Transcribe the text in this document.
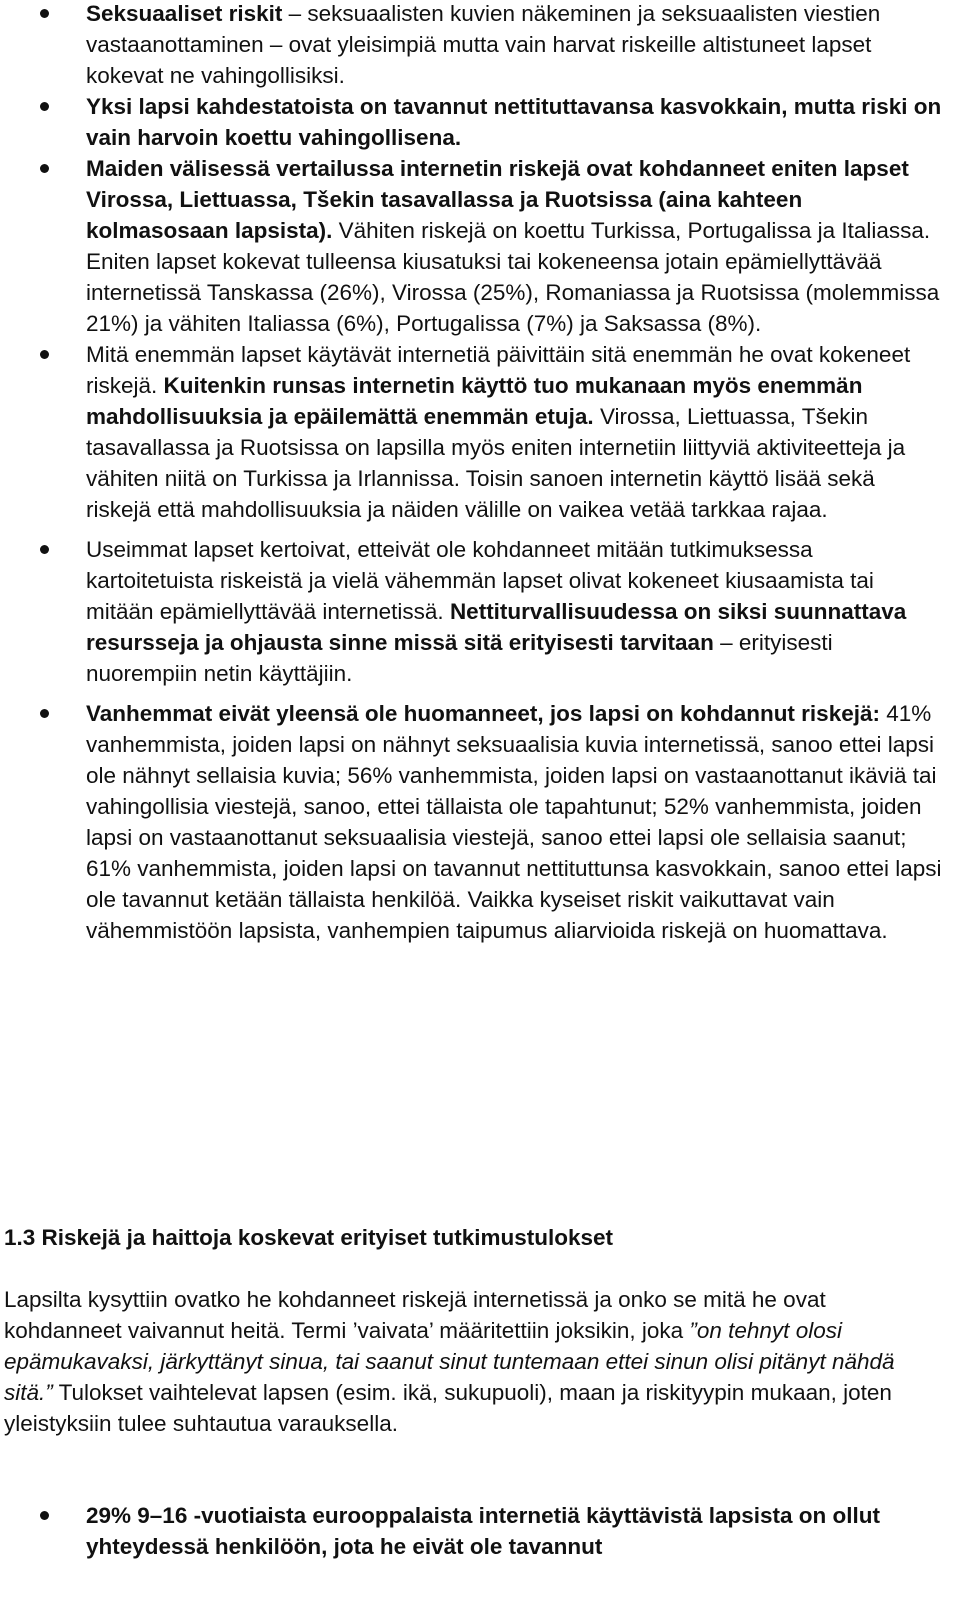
Seksuaaliset riskit – seksuaalisten kuvien näkeminen ja seksuaalisten viestien vastaanottaminen – ovat yleisimpiä mutta vain harvat riskeille altistuneet lapset kokevat ne vahingollisiksi.
Yksi lapsi kahdestatoista on tavannut nettituttavansa kasvokkain, mutta riski on vain harvoin koettu vahingollisena.
Maiden välisessä vertailussa internetin riskejä ovat kohdanneet eniten lapset Virossa, Liettuassa, Tšekin tasavallassa ja Ruotsissa (aina kahteen kolmasosaan lapsista). Vähiten riskejä on koettu Turkissa, Portugalissa ja Italiassa. Eniten lapset kokevat tulleensa kiusatuksi tai kokeneensa jotain epämiellyttävää internetissä Tanskassa (26%), Virossa (25%), Romaniassa ja Ruotsissa (molemmissa 21%) ja vähiten Italiassa (6%), Portugalissa (7%) ja Saksassa (8%).
Mitä enemmän lapset käytävät internetiä päivittäin sitä enemmän he ovat kokeneet riskejä. Kuitenkin runsas internetin käyttö tuo mukanaan myös enemmän mahdollisuuksia ja epäilemättä enemmän etuja. Virossa, Liettuassa, Tšekin tasavallassa ja Ruotsissa on lapsilla myös eniten internetiin liittyviä aktiviteetteja ja vähiten niitä on Turkissa ja Irlannissa. Toisin sanoen internetin käyttö lisää sekä riskejä että mahdollisuuksia ja näiden välille on vaikea vetää tarkkaa rajaa.
Useimmat lapset kertoivat, etteivät ole kohdanneet mitään tutkimuksessa kartoitetuista riskeistä ja vielä vähemmän lapset olivat kokeneet kiusaamista tai mitään epämiellyttävää internetissä. Nettiturvallisuudessa on siksi suunnattava resursseja ja ohjausta sinne missä sitä erityisesti tarvitaan – erityisesti nuorempiin netin käyttäjiin.
Vanhemmat eivät yleensä ole huomanneet, jos lapsi on kohdannut riskejä: 41% vanhemmista, joiden lapsi on nähnyt seksuaalisia kuvia internetissä, sanoo ettei lapsi ole nähnyt sellaisia kuvia; 56% vanhemmista, joiden lapsi on vastaanottanut ikäviä tai vahingollisia viestejä, sanoo, ettei tällaista ole tapahtunut; 52% vanhemmista, joiden lapsi on vastaanottanut seksuaalisia viestejä, sanoo ettei lapsi ole sellaisia saanut; 61% vanhemmista, joiden lapsi on tavannut nettituttunsa kasvokkain, sanoo ettei lapsi ole tavannut ketään tällaista henkilöä. Vaikka kyseiset riskit vaikuttavat vain vähemmistöön lapsista, vanhempien taipumus aliarvioida riskejä on huomattava.
1.3 Riskejä ja haittoja koskevat erityiset tutkimustulokset

Lapsilta kysyttiin ovatko he kohdanneet riskejä internetissä ja onko se mitä he ovat kohdanneet vaivannut heitä. Termi ’vaivata’ määritettiin joksikin, joka ”on tehnyt olosi epämukavaksi, järkyttänyt sinua, tai saanut sinut tuntemaan ettei sinun olisi pitänyt nähdä sitä.” Tulokset vaihtelevat lapsen (esim. ikä, sukupuoli), maan ja riskityypin mukaan, joten yleistyksiin tulee suhtautua varauksella.

29% 9–16 -vuotiaista eurooppalaista internetiä käyttävistä lapsista on ollut yhteydessä henkilöön, jota he eivät ole tavannut
